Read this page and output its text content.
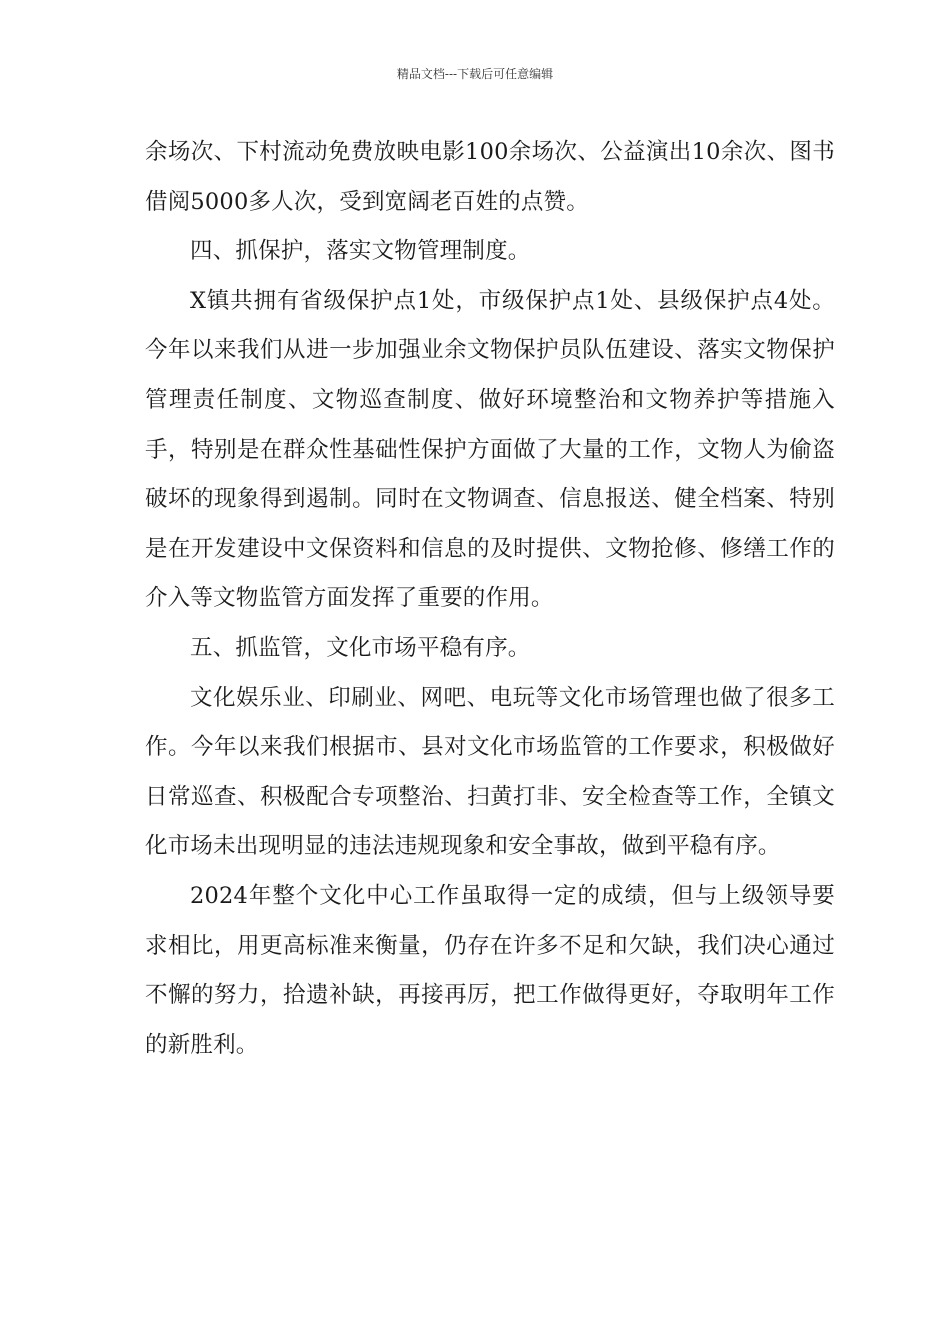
精品文档---下载后可任意编辑

余场次、下村流动免费放映电影100余场次、公益演出10余次、图书借阅5000多人次，受到宽阔老百姓的点赞。

四、抓保护，落实文物管理制度。

X镇共拥有省级保护点1处，市级保护点1处、县级保护点4处。今年以来我们从进一步加强业余文物保护员队伍建设、落实文物保护管理责任制度、文物巡查制度、做好环境整治和文物养护等措施入手，特别是在群众性基础性保护方面做了大量的工作，文物人为偷盗破坏的现象得到遏制。同时在文物调查、信息报送、健全档案、特别是在开发建设中文保资料和信息的及时提供、文物抢修、修缮工作的介入等文物监管方面发挥了重要的作用。

五、抓监管，文化市场平稳有序。

文化娱乐业、印刷业、网吧、电玩等文化市场管理也做了很多工作。今年以来我们根据市、县对文化市场监管的工作要求，积极做好日常巡查、积极配合专项整治、扫黄打非、安全检查等工作，全镇文化市场未出现明显的违法违规现象和安全事故，做到平稳有序。

2024年整个文化中心工作虽取得一定的成绩，但与上级领导要求相比，用更高标准来衡量，仍存在许多不足和欠缺，我们决心通过不懈的努力，拾遗补缺，再接再厉，把工作做得更好，夺取明年工作的新胜利。
